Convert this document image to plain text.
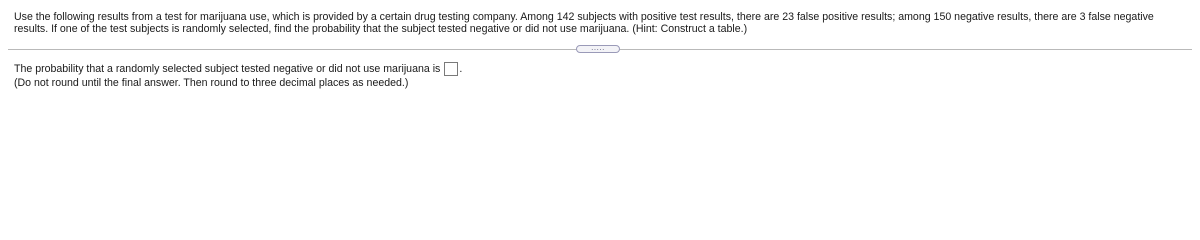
Use the following results from a test for marijuana use, which is provided by a certain drug testing company. Among 142 subjects with positive test results, there are 23 false positive results; among 150 negative results, there are 3 false negative results. If one of the test subjects is randomly selected, find the probability that the subject tested negative or did not use marijuana. (Hint: Construct a table.)

.....
The probability that a randomly selected subject tested negative or did not use marijuana is .
(Do not round until the final answer. Then round to three decimal places as needed.)
